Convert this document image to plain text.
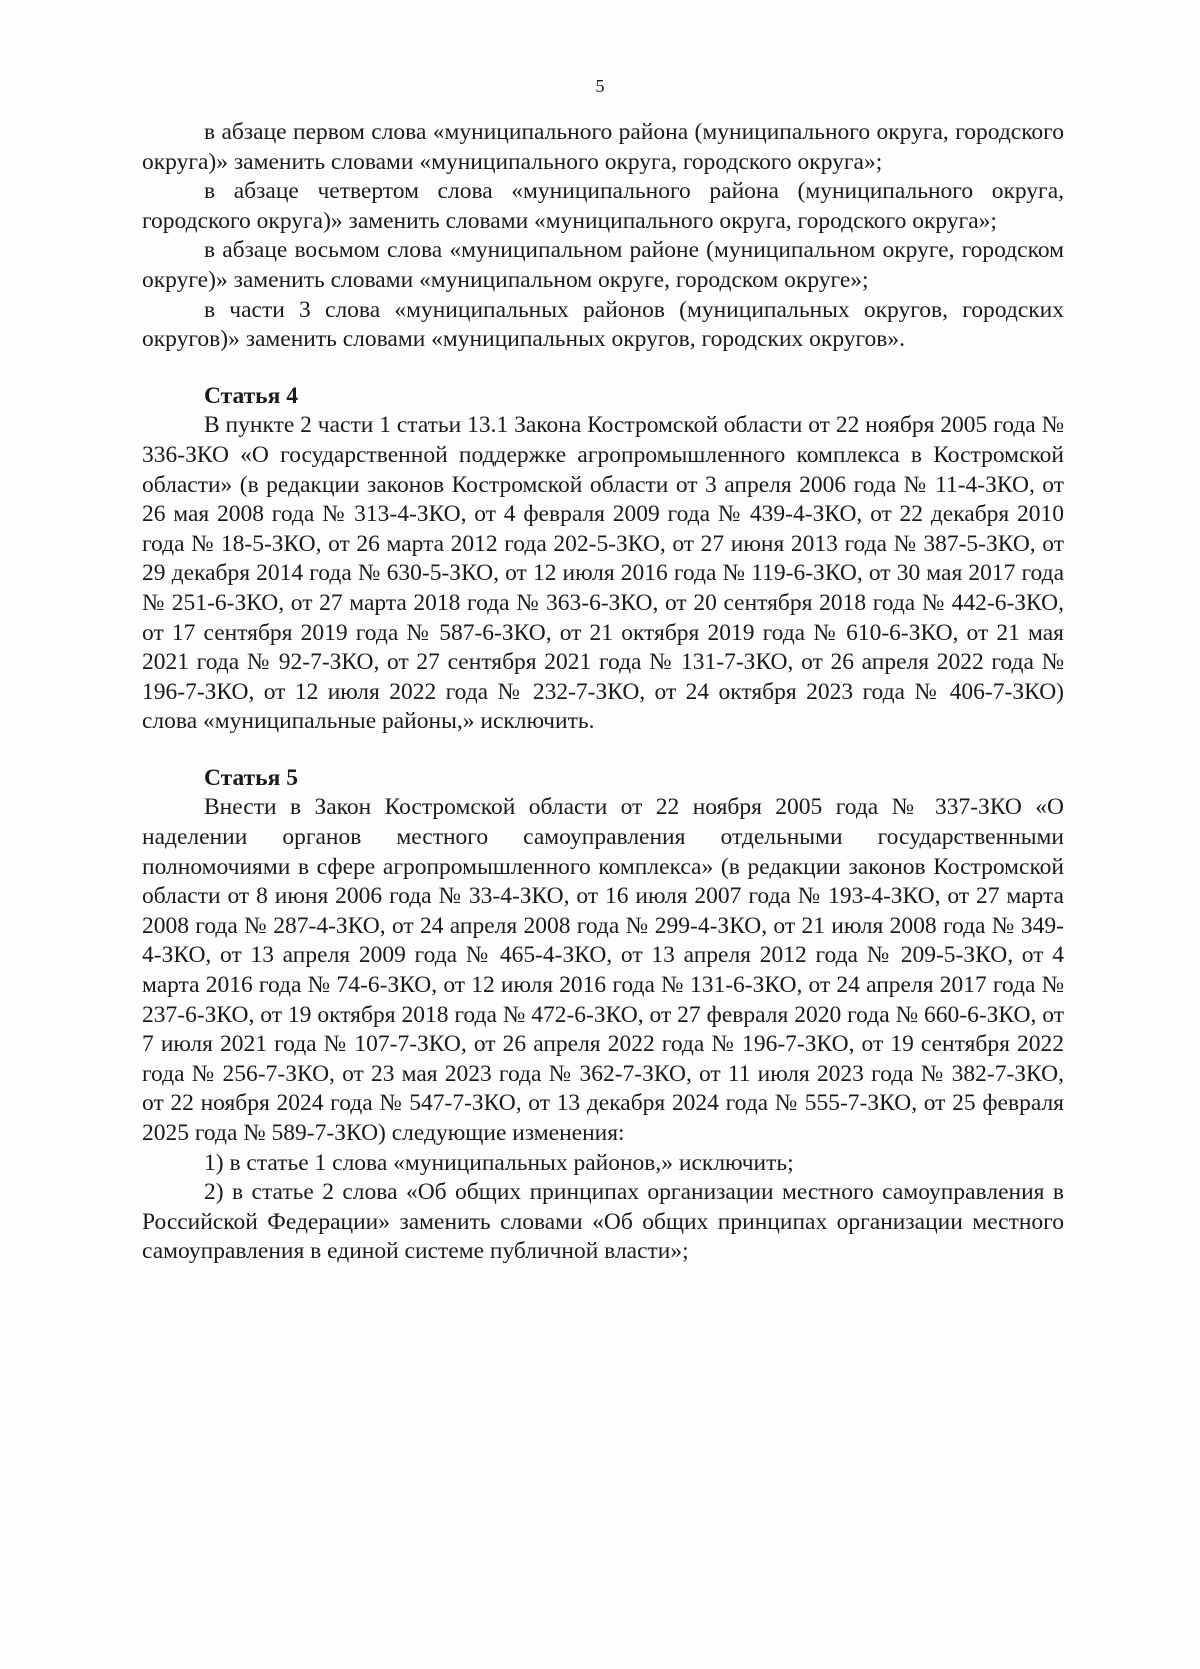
5

в абзаце первом слова «муниципального района (муниципального округа, городского округа)» заменить словами «муниципального округа, городского округа»;

в абзаце четвертом слова «муниципального района (муниципального округа, городского округа)» заменить словами «муниципального округа, городского округа»;

в абзаце восьмом слова «муниципальном районе (муниципальном округе, городском округе)» заменить словами «муниципальном округе, городском округе»;

в части 3 слова «муниципальных районов (муниципальных округов, городских округов)» заменить словами «муниципальных округов, городских округов».

Статья 4

В пункте 2 части 1 статьи 13.1 Закона Костромской области от 22 ноября 2005 года № 336-ЗКО «О государственной поддержке агропромышленного комплекса в Костромской области» (в редакции законов Костромской области от 3 апреля 2006 года № 11-4-ЗКО, от 26 мая 2008 года № 313-4-ЗКО, от 4 февраля 2009 года № 439-4-ЗКО, от 22 декабря 2010 года № 18-5-ЗКО, от 26 марта 2012 года 202-5-ЗКО, от 27 июня 2013 года № 387-5-ЗКО, от 29 декабря 2014 года № 630-5-ЗКО, от 12 июля 2016 года № 119-6-ЗКО, от 30 мая 2017 года № 251-6-ЗКО, от 27 марта 2018 года № 363-6-ЗКО, от 20 сентября 2018 года № 442-6-ЗКО, от 17 сентября 2019 года № 587-6-ЗКО, от 21 октября 2019 года № 610-6-ЗКО, от 21 мая 2021 года № 92-7-ЗКО, от 27 сентября 2021 года № 131-7-ЗКО, от 26 апреля 2022 года № 196-7-ЗКО, от 12 июля 2022 года № 232-7-ЗКО, от 24 октября 2023 года № 406-7-ЗКО) слова «муниципальные районы,» исключить.

Статья 5

Внести в Закон Костромской области от 22 ноября 2005 года № 337-ЗКО «О наделении органов местного самоуправления отдельными государственными полномочиями в сфере агропромышленного комплекса» (в редакции законов Костромской области от 8 июня 2006 года № 33-4-ЗКО, от 16 июля 2007 года № 193-4-ЗКО, от 27 марта 2008 года № 287-4-ЗКО, от 24 апреля 2008 года № 299-4-ЗКО, от 21 июля 2008 года № 349-4-ЗКО, от 13 апреля 2009 года № 465-4-ЗКО, от 13 апреля 2012 года № 209-5-ЗКО, от 4 марта 2016 года № 74-6-ЗКО, от 12 июля 2016 года № 131-6-ЗКО, от 24 апреля 2017 года № 237-6-ЗКО, от 19 октября 2018 года № 472-6-ЗКО, от 27 февраля 2020 года № 660-6-ЗКО, от 7 июля 2021 года № 107-7-ЗКО, от 26 апреля 2022 года № 196-7-ЗКО, от 19 сентября 2022 года № 256-7-ЗКО, от 23 мая 2023 года № 362-7-ЗКО, от 11 июля 2023 года № 382-7-ЗКО, от 22 ноября 2024 года № 547-7-ЗКО, от 13 декабря 2024 года № 555-7-ЗКО, от 25 февраля 2025 года № 589-7-ЗКО) следующие изменения:

1) в статье 1 слова «муниципальных районов,» исключить;

2) в статье 2 слова «Об общих принципах организации местного самоуправления в Российской Федерации» заменить словами «Об общих принципах организации местного самоуправления в единой системе публичной власти»;
